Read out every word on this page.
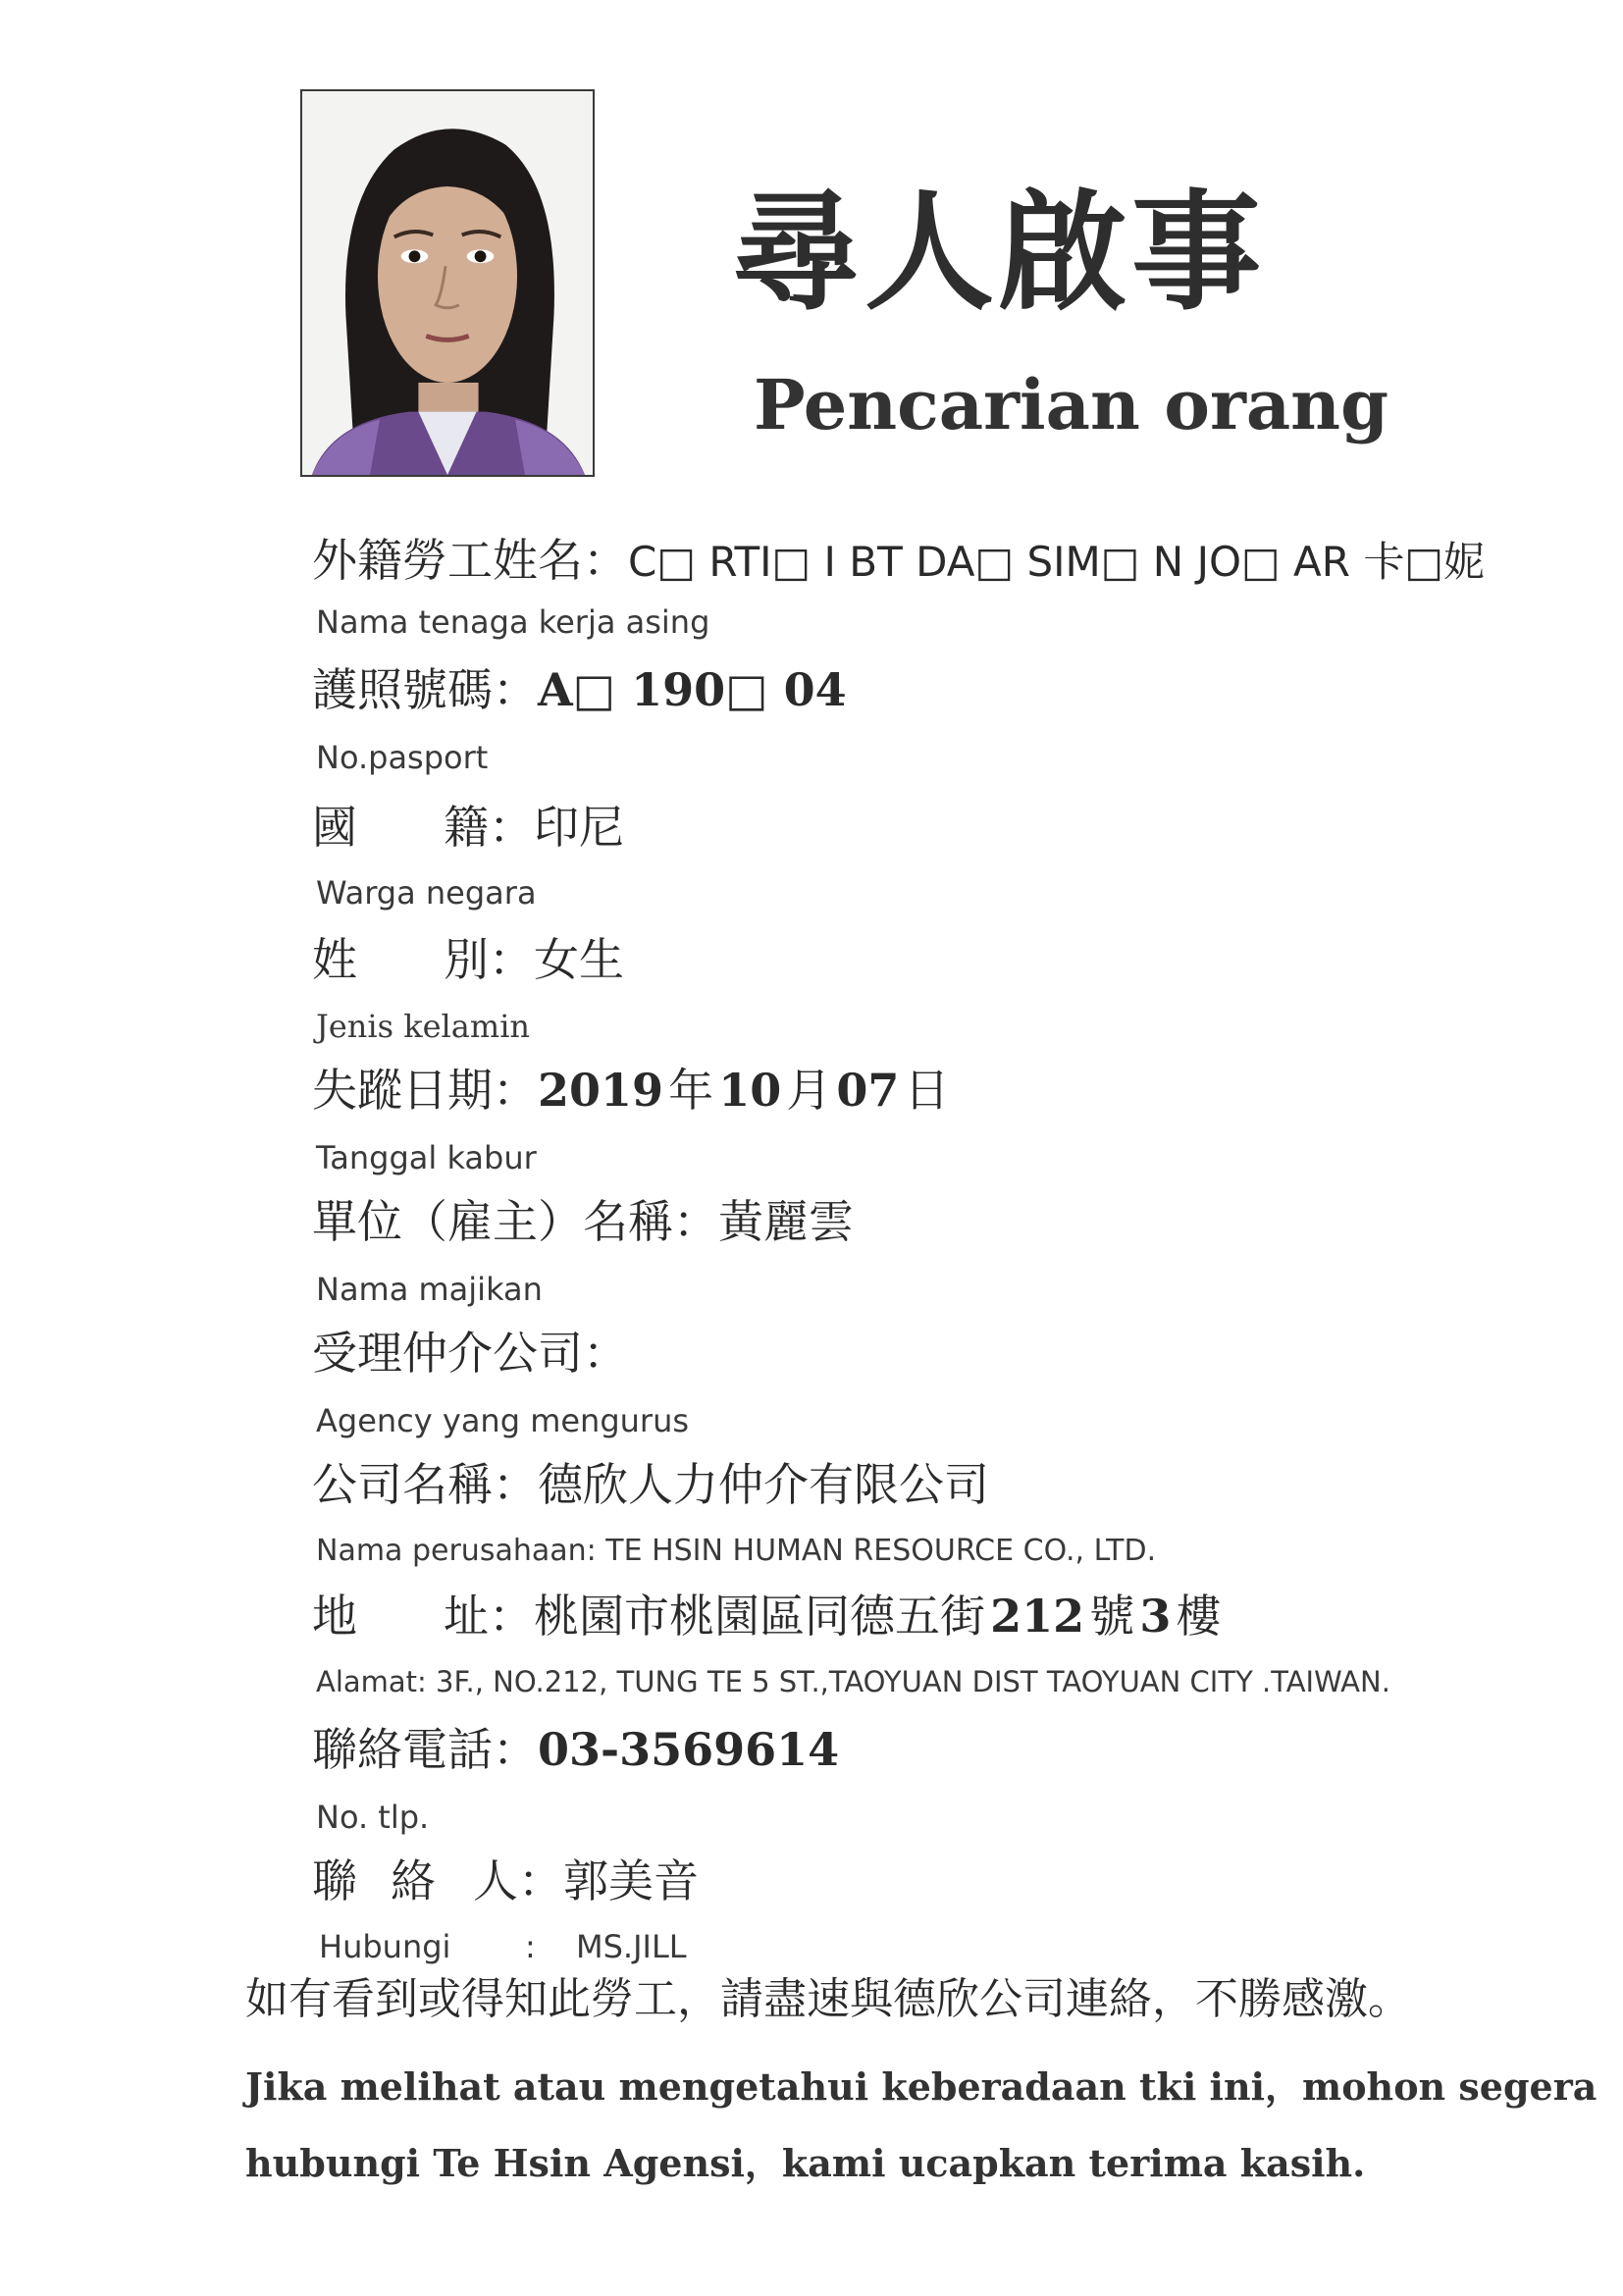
尋人啟事
Pencarian orang
外籍勞工姓名：C□ RTI□ I BT DA□ SIM□ N JO□ AR 卡□妮
Nama tenaga kerja asing
護照號碼：A□ 190□ 04
No.pasport
國 籍：印尼
Warga negara
姓 別：女生
Jenis kelamin
失蹤日期：2019 年 10 月 07 日
Tanggal kabur
單位（雇主）名稱：黃麗雲
Nama majikan
受理仲介公司：
Agency yang mengurus
公司名稱：德欣人力仲介有限公司
Nama perusahaan: TE HSIN HUMAN RESOURCE CO., LTD.
地 址：桃園市桃園區同德五街 212 號 3 樓
Alamat: 3F., NO.212, TUNG TE 5 ST.,TAOYUAN DIST TAOYUAN CITY .TAIWAN.
聯絡電話：03-3569614
No. tlp.
聯 絡 人：郭美音
Hubungi : MS.JILL
如有看到或得知此勞工，請盡速與德欣公司連絡，不勝感激。
Jika melihat atau mengetahui keberadaan tki ini，mohon segera
hubungi Te Hsin Agensi，kami ucapkan terima kasih.
